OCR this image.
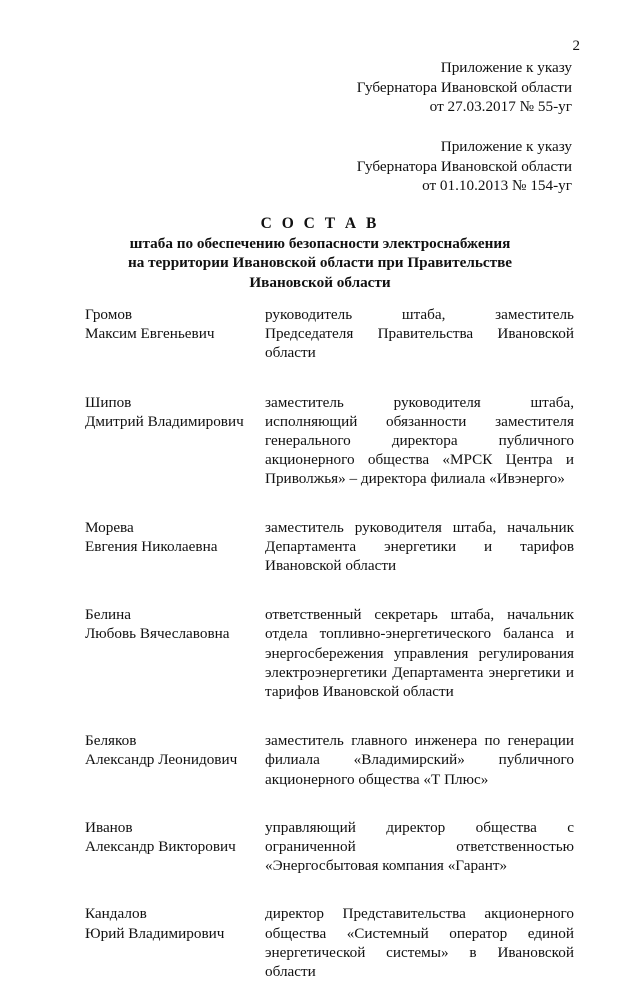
2
Приложение к указу
Губернатора Ивановской области
от 27.03.2017 № 55-уг
Приложение к указу
Губернатора Ивановской области
от 01.10.2013 № 154-уг
С О С Т А В
штаба по обеспечению безопасности электроснабжения
на территории Ивановской области при Правительстве
Ивановской области
Громов
Максим Евгеньевич
руководитель штаба, заместитель Председателя Правительства Ивановской области
Шипов
Дмитрий Владимирович
заместитель руководителя штаба, исполняющий обязанности заместителя генерального директора публичного акционерного общества «МРСК Центра и Приволжья» – директора филиала «Ивэнерго»
Морева
Евгения Николаевна
заместитель руководителя штаба, начальник Департамента энергетики и тарифов Ивановской области
Белина
Любовь Вячеславовна
ответственный секретарь штаба, начальник отдела топливно-энергетического баланса и энергосбережения управления регулирования электроэнергетики Департамента энергетики и тарифов Ивановской области
Беляков
Александр Леонидович
заместитель главного инженера по генерации филиала «Владимирский» публичного акционерного общества «Т Плюс»
Иванов
Александр Викторович
управляющий директор общества с ограниченной ответственностью «Энергосбытовая компания «Гарант»
Кандалов
Юрий Владимирович
директор Представительства акционерного общества «Системный оператор единой энергетической системы» в Ивановской области
